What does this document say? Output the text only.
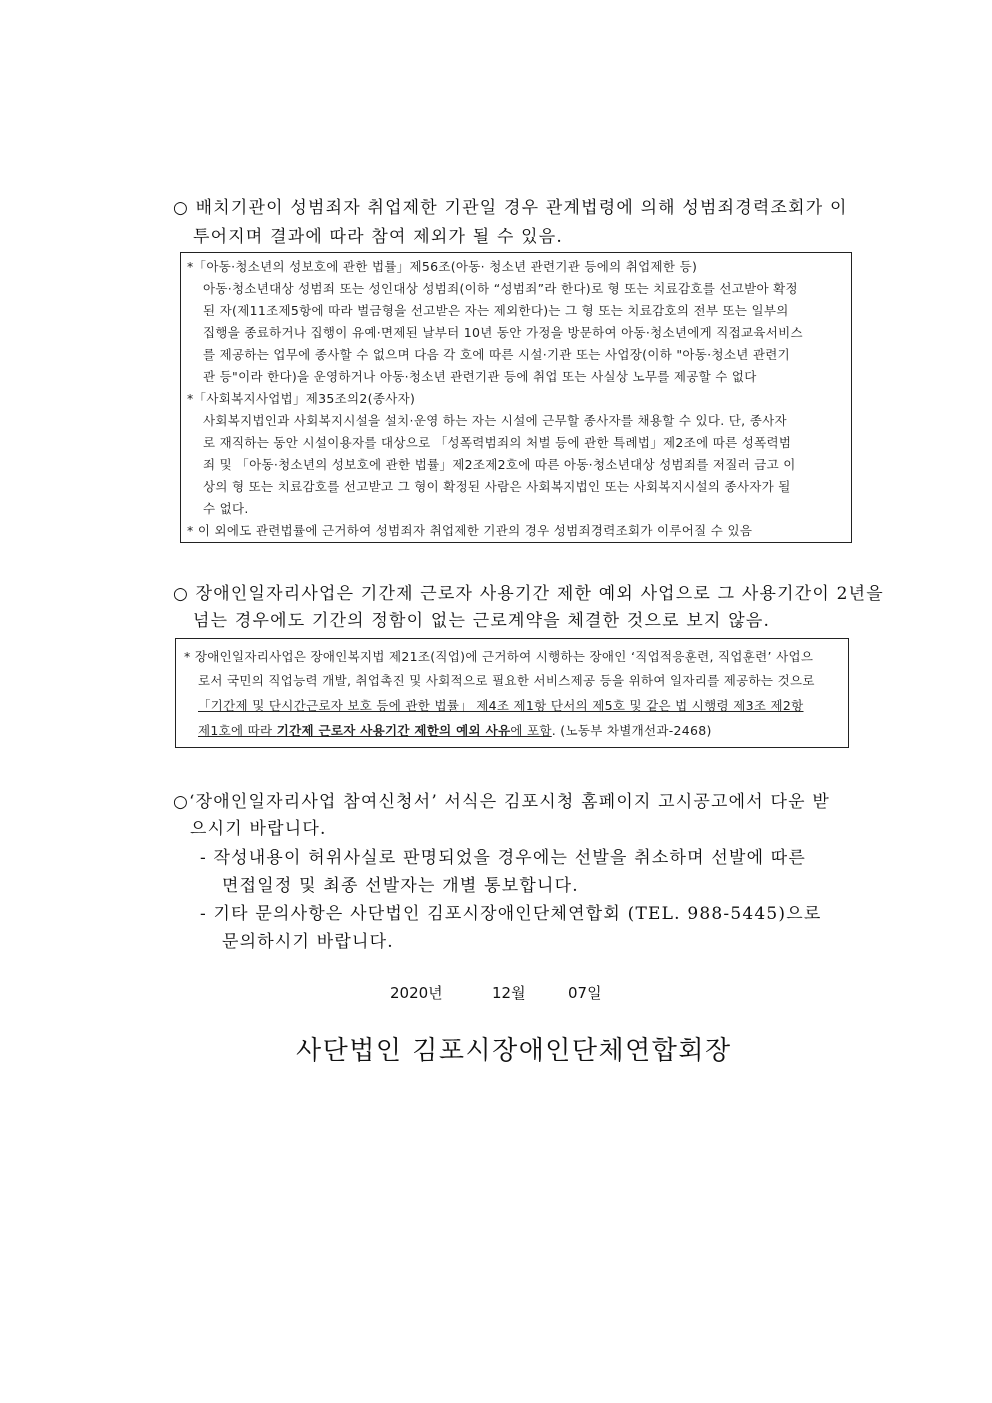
○ 배치기관이 성범죄자 취업제한 기관일 경우 관계법령에 의해 성범죄경력조회가 이
투어지며 결과에 따라 참여 제외가 될 수 있음.
*「아동·청소년의 성보호에 관한 법률」제56조(아동· 청소년 관련기관 등에의 취업제한 등)
아동·청소년대상 성범죄 또는 성인대상 성범죄(이하 “성범죄”라 한다)로 형 또는 치료감호를 선고받아 확정
된 자(제11조제5항에 따라 벌금형을 선고받은 자는 제외한다)는 그 형 또는 치료감호의 전부 또는 일부의
집행을 종료하거나 집행이 유예·면제된 날부터 10년 동안 가정을 방문하여 아동·청소년에게 직접교육서비스
를 제공하는 업무에 종사할 수 없으며 다음 각 호에 따른 시설·기관 또는 사업장(이하 "아동·청소년 관련기
관 등"이라 한다)을 운영하거나 아동·청소년 관련기관 등에 취업 또는 사실상 노무를 제공할 수 없다
*「사회복지사업법」제35조의2(종사자)
사회복지법인과 사회복지시설을 설치·운영 하는 자는 시설에 근무할 종사자를 채용할 수 있다. 단, 종사자
로 재직하는 동안 시설이용자를 대상으로 「성폭력범죄의 처벌 등에 관한 특례법」제2조에 따른 성폭력범
죄 및 「아동·청소년의 성보호에 관한 법률」제2조제2호에 따른 아동·청소년대상 성범죄를 저질러 금고 이
상의 형 또는 치료감호를 선고받고 그 형이 확정된 사람은 사회복지법인 또는 사회복지시설의 종사자가 될
수 없다.
* 이 외에도 관련법률에 근거하여 성범죄자 취업제한 기관의 경우 성범죄경력조회가 이루어질 수 있음
○ 장애인일자리사업은 기간제 근로자 사용기간 제한 예외 사업으로 그 사용기간이 2년을
넘는 경우에도 기간의 정함이 없는 근로계약을 체결한 것으로 보지 않음.
* 장애인일자리사업은 장애인복지법 제21조(직업)에 근거하여 시행하는 장애인 ‘직업적응훈련, 직업훈련’ 사업으
로서 국민의 직업능력 개발, 취업촉진 및 사회적으로 필요한 서비스제공 등을 위하여 일자리를 제공하는 것으로
「기간제 및 단시간근로자 보호 등에 관한 법률」 제4조 제1항 단서의 제5호 및 같은 법 시행령 제3조 제2항
제1호에 따라 기간제 근로자 사용기간 제한의 예외 사유에 포함. (노동부 차별개선과-2468)
○‘장애인일자리사업 참여신청서’ 서식은 김포시청 홈페이지 고시공고에서 다운 받
으시기 바랍니다.
- 작성내용이 허위사실로 판명되었을 경우에는 선발을 취소하며 선발에 따른
면접일정 및 최종 선발자는 개별 통보합니다.
- 기타 문의사항은 사단법인 김포시장애인단체연합회 (TEL. 988-5445)으로
문의하시기 바랍니다.
2020년	12월	07일
사단법인 김포시장애인단체연합회장
